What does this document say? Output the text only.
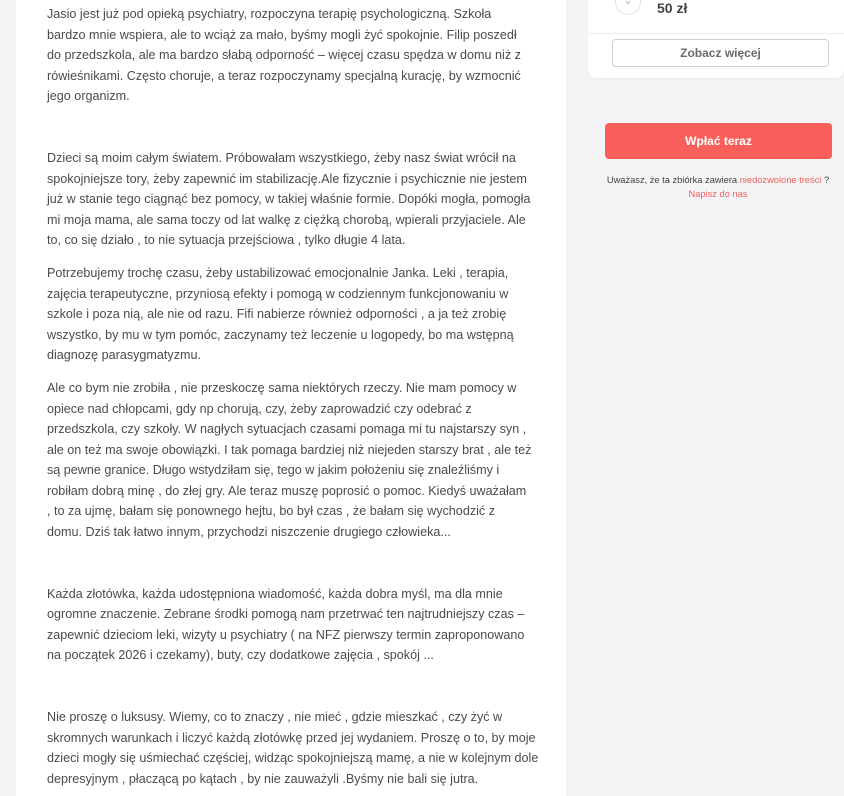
Jasio jest już pod opieką psychiatry, rozpoczyna terapię psychologiczną. Szkoła bardzo mnie wspiera, ale to wciąż za mało, byśmy mogli żyć spokojnie. Filip poszedł do przedszkola, ale ma bardzo słabą odporność – więcej czasu spędza w domu niż z rówieśnikami. Często choruje, a teraz rozpoczynamy specjalną kurację, by wzmocnić jego organizm.

Dzieci są moim całym światem. Próbowałam wszystkiego, żeby nasz świat wrócił na spokojniejsze tory, żeby zapewnić im stabilizację.Ale fizycznie i psychicznie nie jestem już w stanie tego ciągnąć bez pomocy, w takiej właśnie formie. Dopóki mogła, pomogła mi moja mama, ale sama toczy od lat walkę z ciężką chorobą, wpierali przyjaciele. Ale to, co się działo , to nie sytuacja przejściowa , tylko długie 4 lata.

Potrzebujemy trochę czasu, żeby ustabilizować emocjonalnie Janka. Leki , terapia, zajęcia terapeutyczne, przyniosą efekty i pomogą w codziennym funkcjonowaniu w szkole i poza nią, ale nie od razu. Fifi nabierze również odporności , a ja też zrobię wszystko, by mu w tym pomóc, zaczynamy też leczenie u logopedy, bo ma wstępną diagnozę parasygmatyzmu.

Ale co bym nie zrobiła , nie przeskoczę sama niektórych rzeczy. Nie mam pomocy w opiece nad chłopcami, gdy np chorują, czy, żeby zaprowadzić czy odebrać z przedszkola, czy szkoły. W nagłych sytuacjach czasami pomaga mi tu najstarszy syn , ale on też ma swoje obowiązki. I tak pomaga bardziej niż niejeden starszy brat , ale też są pewne granice. Długo wstydziłam się, tego w jakim położeniu się znaleźliśmy i robiłam dobrą minę , do złej gry. Ale teraz muszę poprosić o pomoc. Kiedyś uważałam , to za ujmę, bałam się ponownego hejtu, bo był czas , że bałam się wychodzić z domu. Dziś tak łatwo innym, przychodzi niszczenie drugiego człowieka...

Każda złotówka, każda udostępniona wiadomość, każda dobra myśl, ma dla mnie ogromne znaczenie. Zebrane środki pomogą nam przetrwać ten najtrudniejszy czas – zapewnić dzieciom leki, wizyty u psychiatry ( na NFZ pierwszy termin zaproponowano na początek 2026 i czekamy), buty, czy dodatkowe zajęcia , spokój ...

Nie proszę o luksusy. Wiemy, co to znaczy , nie mieć , gdzie mieszkać , czy żyć w skromnych warunkach i liczyć każdą złotówkę przed jej wydaniem. Proszę o to, by moje dzieci mogły się uśmiechać częściej, widząc spokojniejszą mamę, a nie w kolejnym dole depresyjnym , płaczącą po kątach , by nie zauważyli .Byśmy nie bali się jutra.

⌄	50 zł
Zobacz więcej
Wpłać teraz
Uważasz, że ta zbiórka zawiera niedozwolone treści ?
Napisz do nas
